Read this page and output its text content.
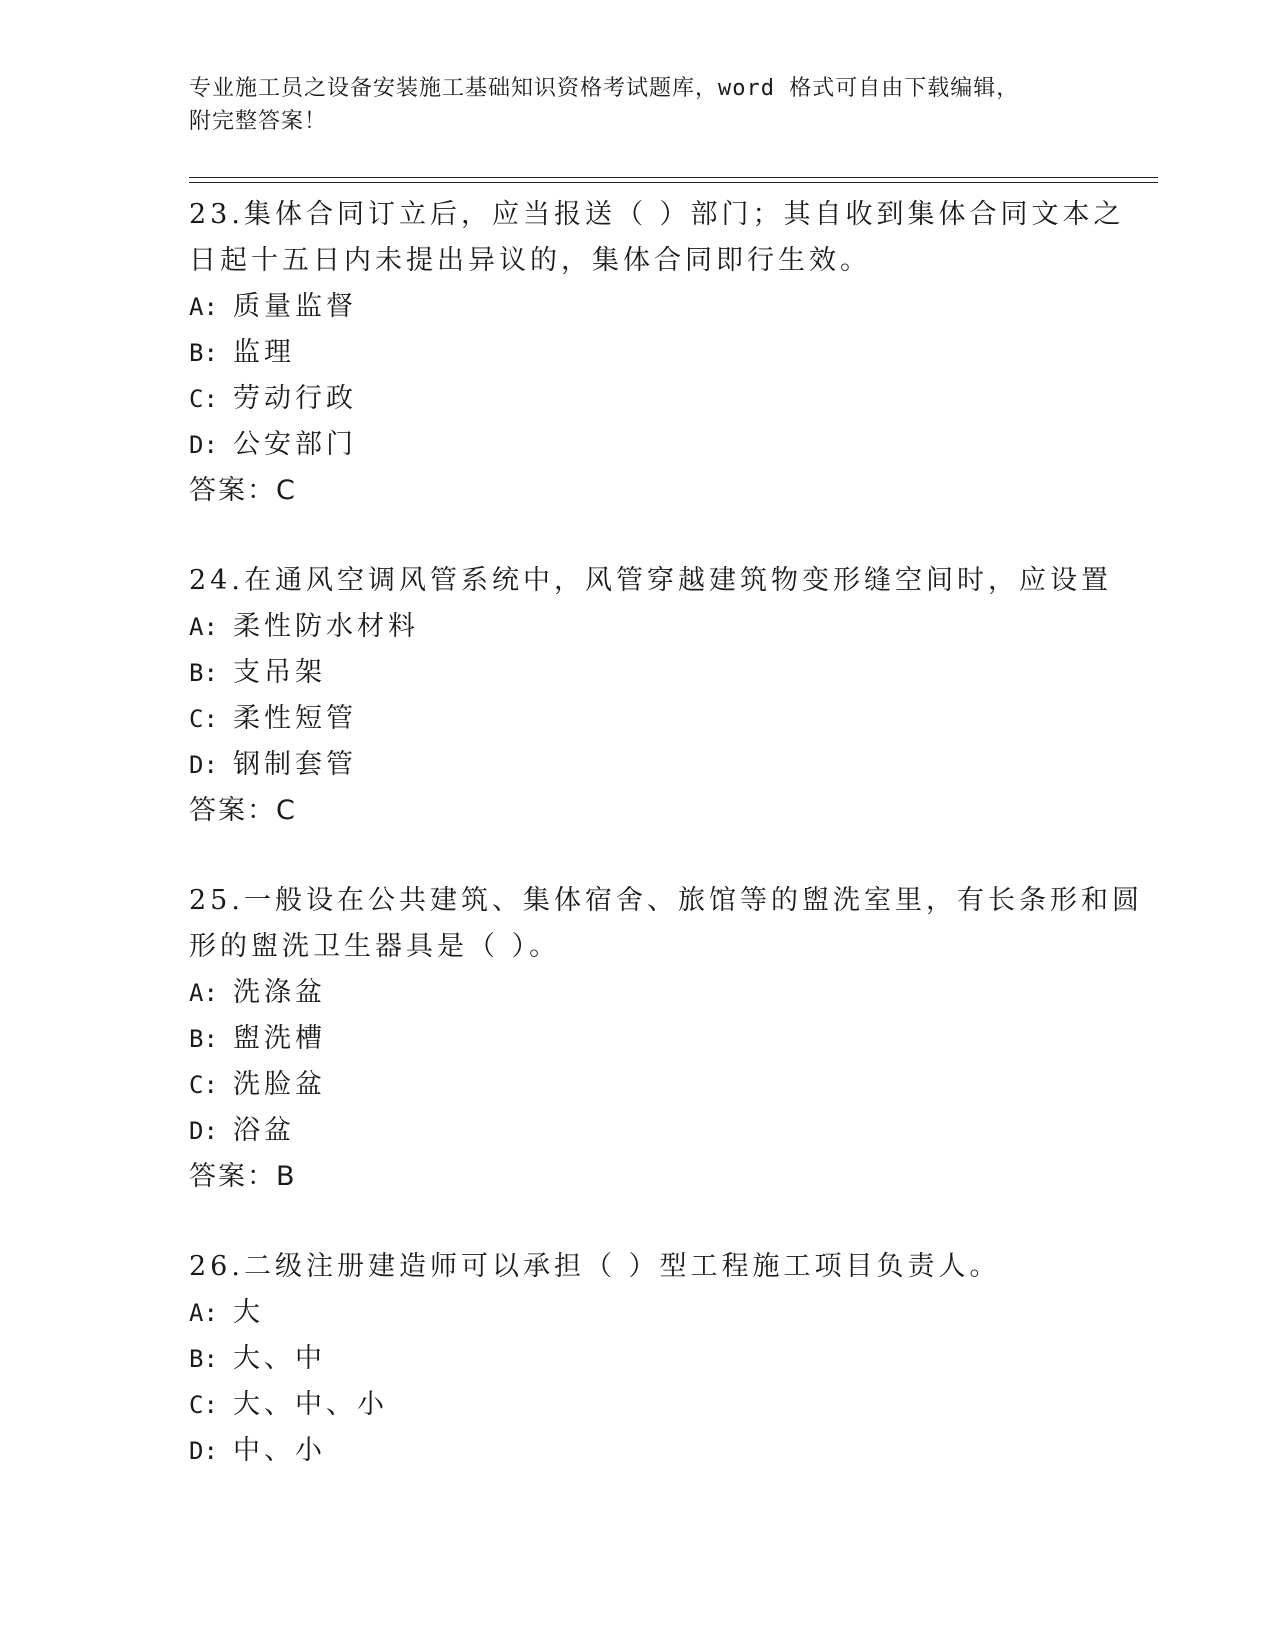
专业施工员之设备安装施工基础知识资格考试题库，word 格式可自由下载编辑，
附完整答案！
23.集体合同订立后，应当报送（ ）部门；其自收到集体合同文本之
日起十五日内未提出异议的，集体合同即行生效。
A: 质量监督
B: 监理
C: 劳动行政
D: 公安部门
答案：C
24.在通风空调风管系统中，风管穿越建筑物变形缝空间时，应设置
A: 柔性防水材料
B: 支吊架
C: 柔性短管
D: 钢制套管
答案：C
25.一般设在公共建筑、集体宿舍、旅馆等的盥洗室里，有长条形和圆
形的盥洗卫生器具是（ ）。
A: 洗涤盆
B: 盥洗槽
C: 洗脸盆
D: 浴盆
答案：B
26.二级注册建造师可以承担（ ）型工程施工项目负责人。
A: 大
B: 大、中
C: 大、中、小
D: 中、小
